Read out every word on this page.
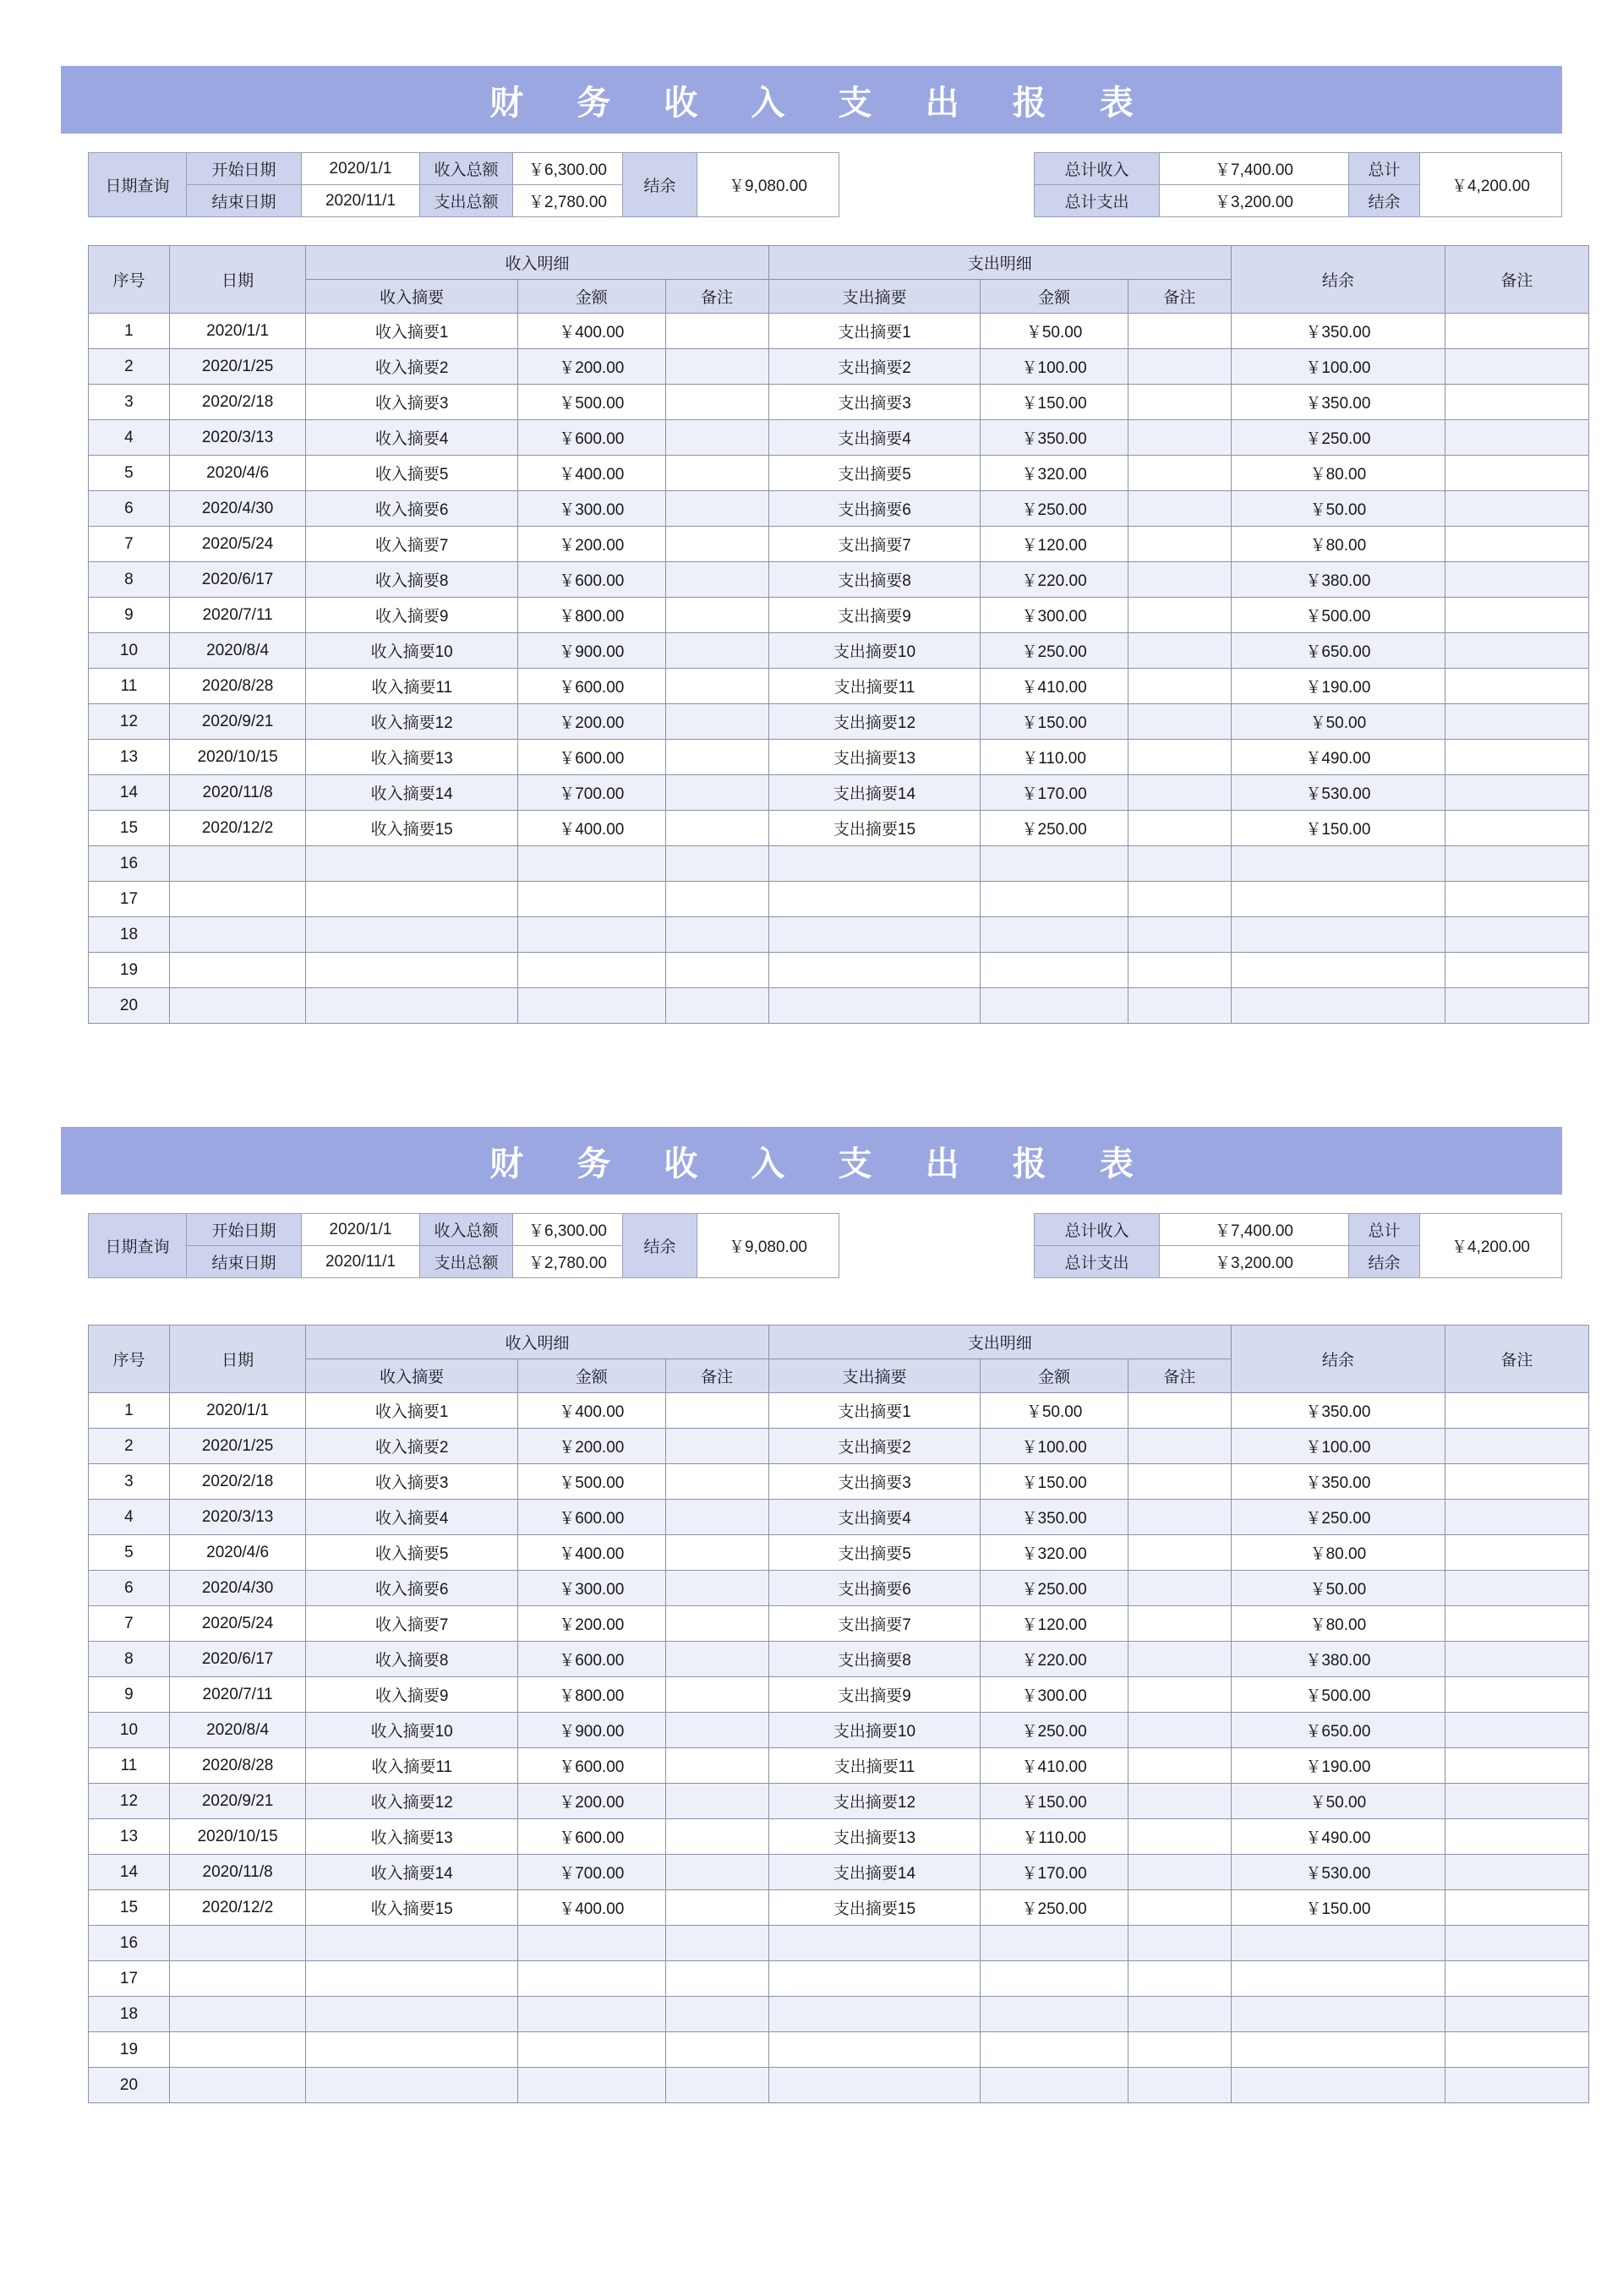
财 务 收 入 支 出 报 表
日期查询	开始日期	2020/1/1	收入总额	￥6,300.00	结余	￥9,080.00
	结束日期	2020/11/1	支出总额	￥2,780.00		
总计收入	￥7,400.00	总计	￥4,200.00
总计支出	￥3,200.00	结余	
序号	日期	收入明细			支出明细			结余	备注
		收入摘要	金额	备注	支出摘要	金额	备注		
1	2020/1/1	收入摘要1	￥400.00		支出摘要1	￥50.00		￥350.00	
2	2020/1/25	收入摘要2	￥200.00		支出摘要2	￥100.00		￥100.00	
3	2020/2/18	收入摘要3	￥500.00		支出摘要3	￥150.00		￥350.00	
4	2020/3/13	收入摘要4	￥600.00		支出摘要4	￥350.00		￥250.00	
5	2020/4/6	收入摘要5	￥400.00		支出摘要5	￥320.00		￥80.00	
6	2020/4/30	收入摘要6	￥300.00		支出摘要6	￥250.00		￥50.00	
7	2020/5/24	收入摘要7	￥200.00		支出摘要7	￥120.00		￥80.00	
8	2020/6/17	收入摘要8	￥600.00		支出摘要8	￥220.00		￥380.00	
9	2020/7/11	收入摘要9	￥800.00		支出摘要9	￥300.00		￥500.00	
10	2020/8/4	收入摘要10	￥900.00		支出摘要10	￥250.00		￥650.00	
11	2020/8/28	收入摘要11	￥600.00		支出摘要11	￥410.00		￥190.00	
12	2020/9/21	收入摘要12	￥200.00		支出摘要12	￥150.00		￥50.00	
13	2020/10/15	收入摘要13	￥600.00		支出摘要13	￥110.00		￥490.00	
14	2020/11/8	收入摘要14	￥700.00		支出摘要14	￥170.00		￥530.00	
15	2020/12/2	收入摘要15	￥400.00		支出摘要15	￥250.00		￥150.00	
16									
17									
18									
19									
20									
财 务 收 入 支 出 报 表
日期查询	开始日期	2020/1/1	收入总额	￥6,300.00	结余	￥9,080.00
	结束日期	2020/11/1	支出总额	￥2,780.00		
总计收入	￥7,400.00	总计	￥4,200.00
总计支出	￥3,200.00	结余	
序号	日期	收入明细			支出明细			结余	备注
		收入摘要	金额	备注	支出摘要	金额	备注		
1	2020/1/1	收入摘要1	￥400.00		支出摘要1	￥50.00		￥350.00	
2	2020/1/25	收入摘要2	￥200.00		支出摘要2	￥100.00		￥100.00	
3	2020/2/18	收入摘要3	￥500.00		支出摘要3	￥150.00		￥350.00	
4	2020/3/13	收入摘要4	￥600.00		支出摘要4	￥350.00		￥250.00	
5	2020/4/6	收入摘要5	￥400.00		支出摘要5	￥320.00		￥80.00	
6	2020/4/30	收入摘要6	￥300.00		支出摘要6	￥250.00		￥50.00	
7	2020/5/24	收入摘要7	￥200.00		支出摘要7	￥120.00		￥80.00	
8	2020/6/17	收入摘要8	￥600.00		支出摘要8	￥220.00		￥380.00	
9	2020/7/11	收入摘要9	￥800.00		支出摘要9	￥300.00		￥500.00	
10	2020/8/4	收入摘要10	￥900.00		支出摘要10	￥250.00		￥650.00	
11	2020/8/28	收入摘要11	￥600.00		支出摘要11	￥410.00		￥190.00	
12	2020/9/21	收入摘要12	￥200.00		支出摘要12	￥150.00		￥50.00	
13	2020/10/15	收入摘要13	￥600.00		支出摘要13	￥110.00		￥490.00	
14	2020/11/8	收入摘要14	￥700.00		支出摘要14	￥170.00		￥530.00	
15	2020/12/2	收入摘要15	￥400.00		支出摘要15	￥250.00		￥150.00	
16									
17									
18									
19									
20									
